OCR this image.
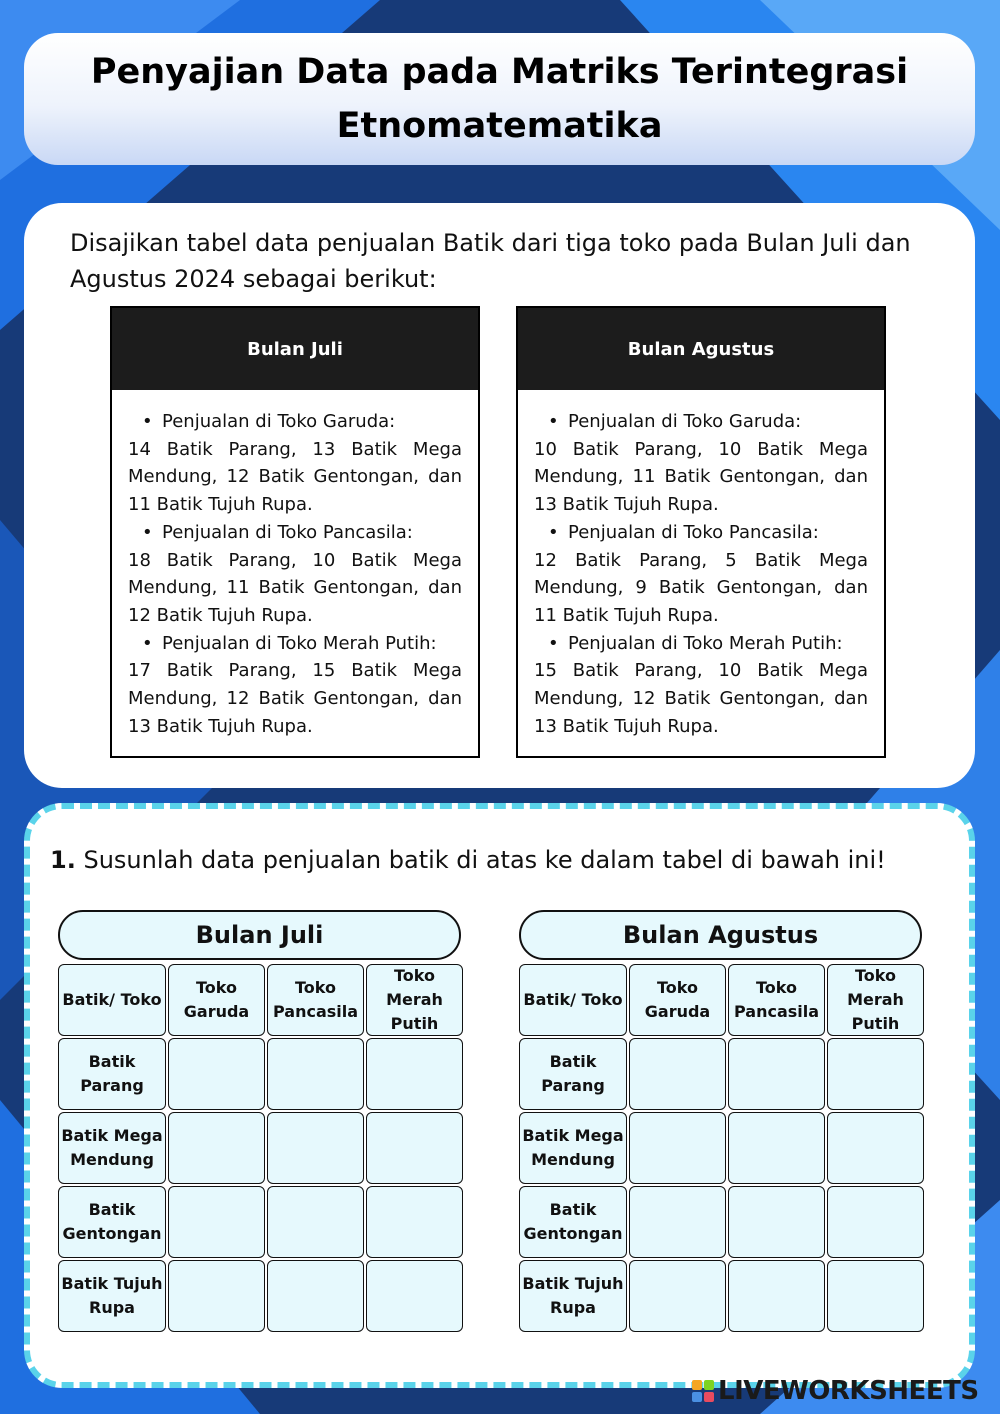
Penyajian Data pada Matriks Terintegrasi
Etnomatematika

Disajikan tabel data penjualan Batik dari tiga toko pada Bulan Juli dan Agustus 2024 sebagai berikut:

Bulan Juli
• Penjualan di Toko Garuda:
14 Batik Parang, 13 Batik Mega Mendung, 12 Batik Gentongan, dan 11 Batik Tujuh Rupa.
• Penjualan di Toko Pancasila:
18 Batik Parang, 10 Batik Mega Mendung, 11 Batik Gentongan, dan 12 Batik Tujuh Rupa.
• Penjualan di Toko Merah Putih:
17 Batik Parang, 15 Batik Mega Mendung, 12 Batik Gentongan, dan 13 Batik Tujuh Rupa.
Bulan Agustus
• Penjualan di Toko Garuda:
10 Batik Parang, 10 Batik Mega Mendung, 11 Batik Gentongan, dan 13 Batik Tujuh Rupa.
• Penjualan di Toko Pancasila:
12 Batik Parang, 5 Batik Mega Mendung, 9 Batik Gentongan, dan 11 Batik Tujuh Rupa.
• Penjualan di Toko Merah Putih:
15 Batik Parang, 10 Batik Mega Mendung, 12 Batik Gentongan, dan 13 Batik Tujuh Rupa.

1. Susunlah data penjualan batik di atas ke dalam tabel di bawah ini!

Bulan Juli
Batik/ Toko
Toko Garuda
Toko Pancasila
Toko Merah Putih
Batik Parang
Batik Mega Mendung
Batik Gentongan
Batik Tujuh Rupa
Bulan Agustus
Batik/ Toko
Toko Garuda
Toko Pancasila
Toko Merah Putih
Batik Parang
Batik Mega Mendung
Batik Gentongan
Batik Tujuh Rupa
LIVEWORKSHEETS
